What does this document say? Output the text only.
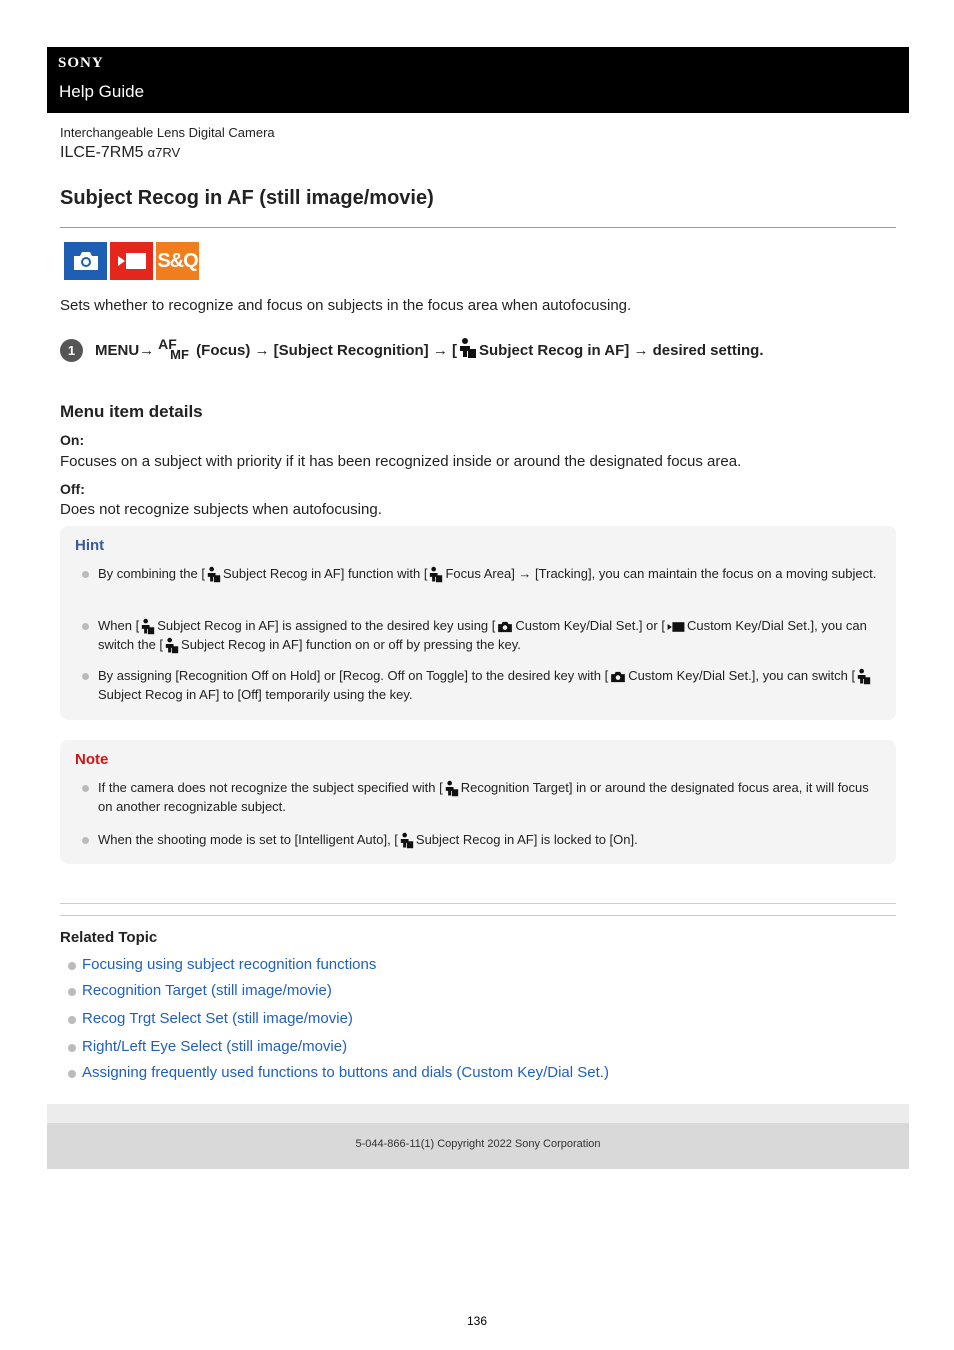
SONY
Help Guide
Interchangeable Lens Digital Camera
ILCE-7RM5 α7RV
Subject Recog in AF (still image/movie)
S&Q

Sets whether to recognize and focus on subjects in the focus area when autofocusing.

1	MENU → AF
MF (Focus)
→ [Subject Recognition] → [ Subject Recog in AF] → desired setting.
Menu item details
On:
Focuses on a subject with priority if it has been recognized inside or around the designated focus area.
Off:
Does not recognize subjects when autofocusing.
Hint
By combining the [ Subject Recog in AF] function with [ Focus Area] → [Tracking], you can maintain the focus on a moving subject.
When [ Subject Recog in AF] is assigned to the desired key using [ Custom Key/Dial Set.] or [ Custom Key/Dial Set.], you can switch the [ Subject Recog in AF] function on or off by pressing the key.
By assigning [Recognition Off on Hold] or [Recog. Off on Toggle] to the desired key with [ Custom Key/Dial Set.], you can switch [Subject Recog in AF] to [Off] temporarily using the key.
Note
If the camera does not recognize the subject specified with [ Recognition Target] in or around the designated focus area, it will focus on another recognizable subject.
When the shooting mode is set to [Intelligent Auto], [ Subject Recog in AF] is locked to [On].
Related Topic
Focusing using subject recognition functions
Recognition Target (still image/movie)
Recog Trgt Select Set (still image/movie)
Right/Left Eye Select (still image/movie)
Assigning frequently used functions to buttons and dials (Custom Key/Dial Set.)
5-044-866-11(1) Copyright 2022 Sony Corporation
136
